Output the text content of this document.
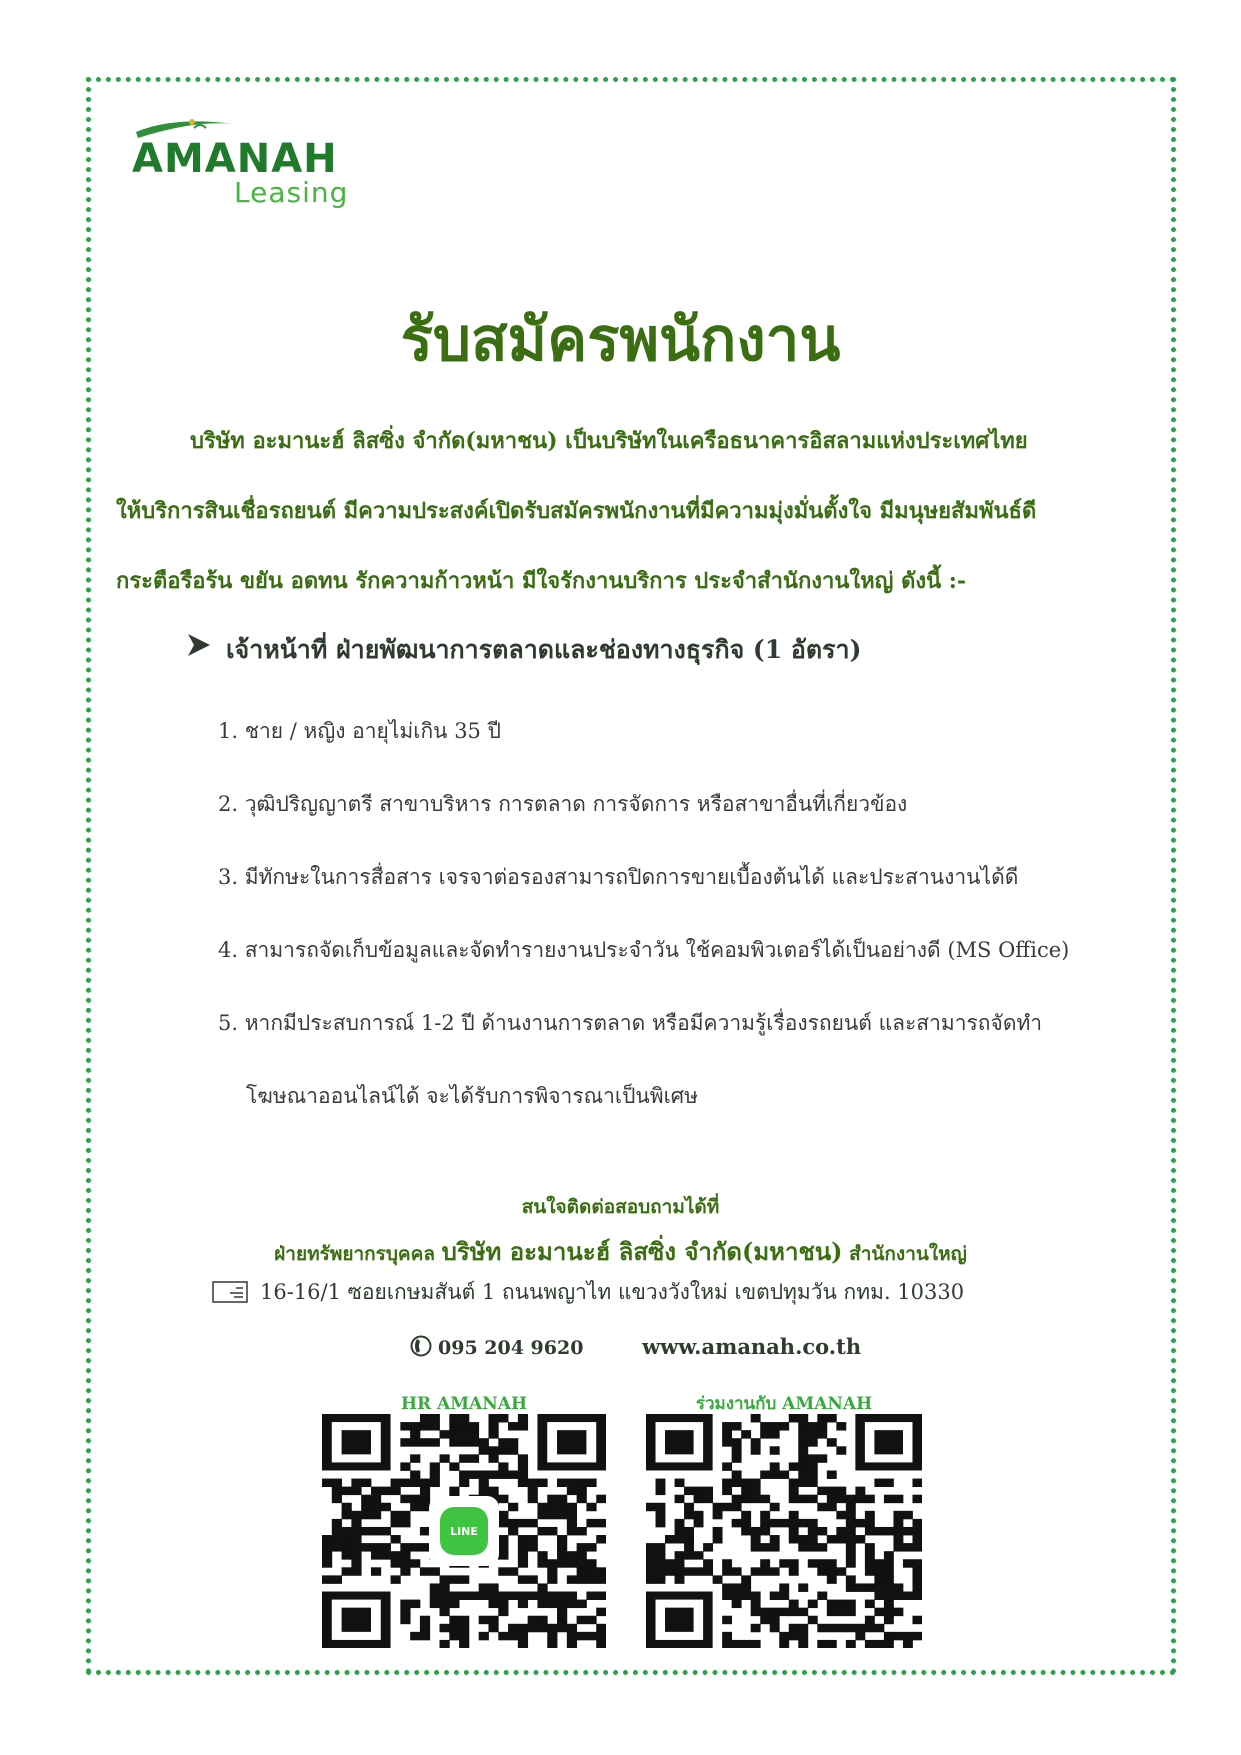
AMANAH
Leasing
รับสมัครพนักงาน
บริษัท อะมานะฮ์ ลิสซิ่ง จำกัด(มหาชน) เป็นบริษัทในเครือธนาคารอิสลามแห่งประเทศไทย
ให้บริการสินเชื่อรถยนต์ มีความประสงค์เปิดรับสมัครพนักงานที่มีความมุ่งมั่นตั้งใจ มีมนุษยสัมพันธ์ดี
กระตือรือร้น ขยัน อดทน รักความก้าวหน้า มีใจรักงานบริการ ประจำสำนักงานใหญ่ ดังนี้ :-
เจ้าหน้าที่ ฝ่ายพัฒนาการตลาดและช่องทางธุรกิจ (1 อัตรา)
1. ชาย / หญิง อายุไม่เกิน 35 ปี
2. วุฒิปริญญาตรี สาขาบริหาร การตลาด การจัดการ หรือสาขาอื่นที่เกี่ยวข้อง
3. มีทักษะในการสื่อสาร เจรจาต่อรองสามารถปิดการขายเบื้องต้นได้ และประสานงานได้ดี
4. สามารถจัดเก็บข้อมูลและจัดทำรายงานประจำวัน ใช้คอมพิวเตอร์ได้เป็นอย่างดี (MS Office)
5. หากมีประสบการณ์ 1-2 ปี ด้านงานการตลาด หรือมีความรู้เรื่องรถยนต์ และสามารถจัดทำ
โฆษณาออนไลน์ได้ จะได้รับการพิจารณาเป็นพิเศษ
สนใจติดต่อสอบถามได้ที่
ฝ่ายทรัพยากรบุคคล บริษัท อะมานะฮ์ ลิสซิ่ง จำกัด(มหาชน) สำนักงานใหญ่
16-16/1 ซอยเกษมสันต์ 1 ถนนพญาไท แขวงวังใหม่ เขตปทุมวัน กทม. 10330
095 204 9620	www.amanah.co.th
HR AMANAH
LINE
ร่วมงานกับ AMANAH
